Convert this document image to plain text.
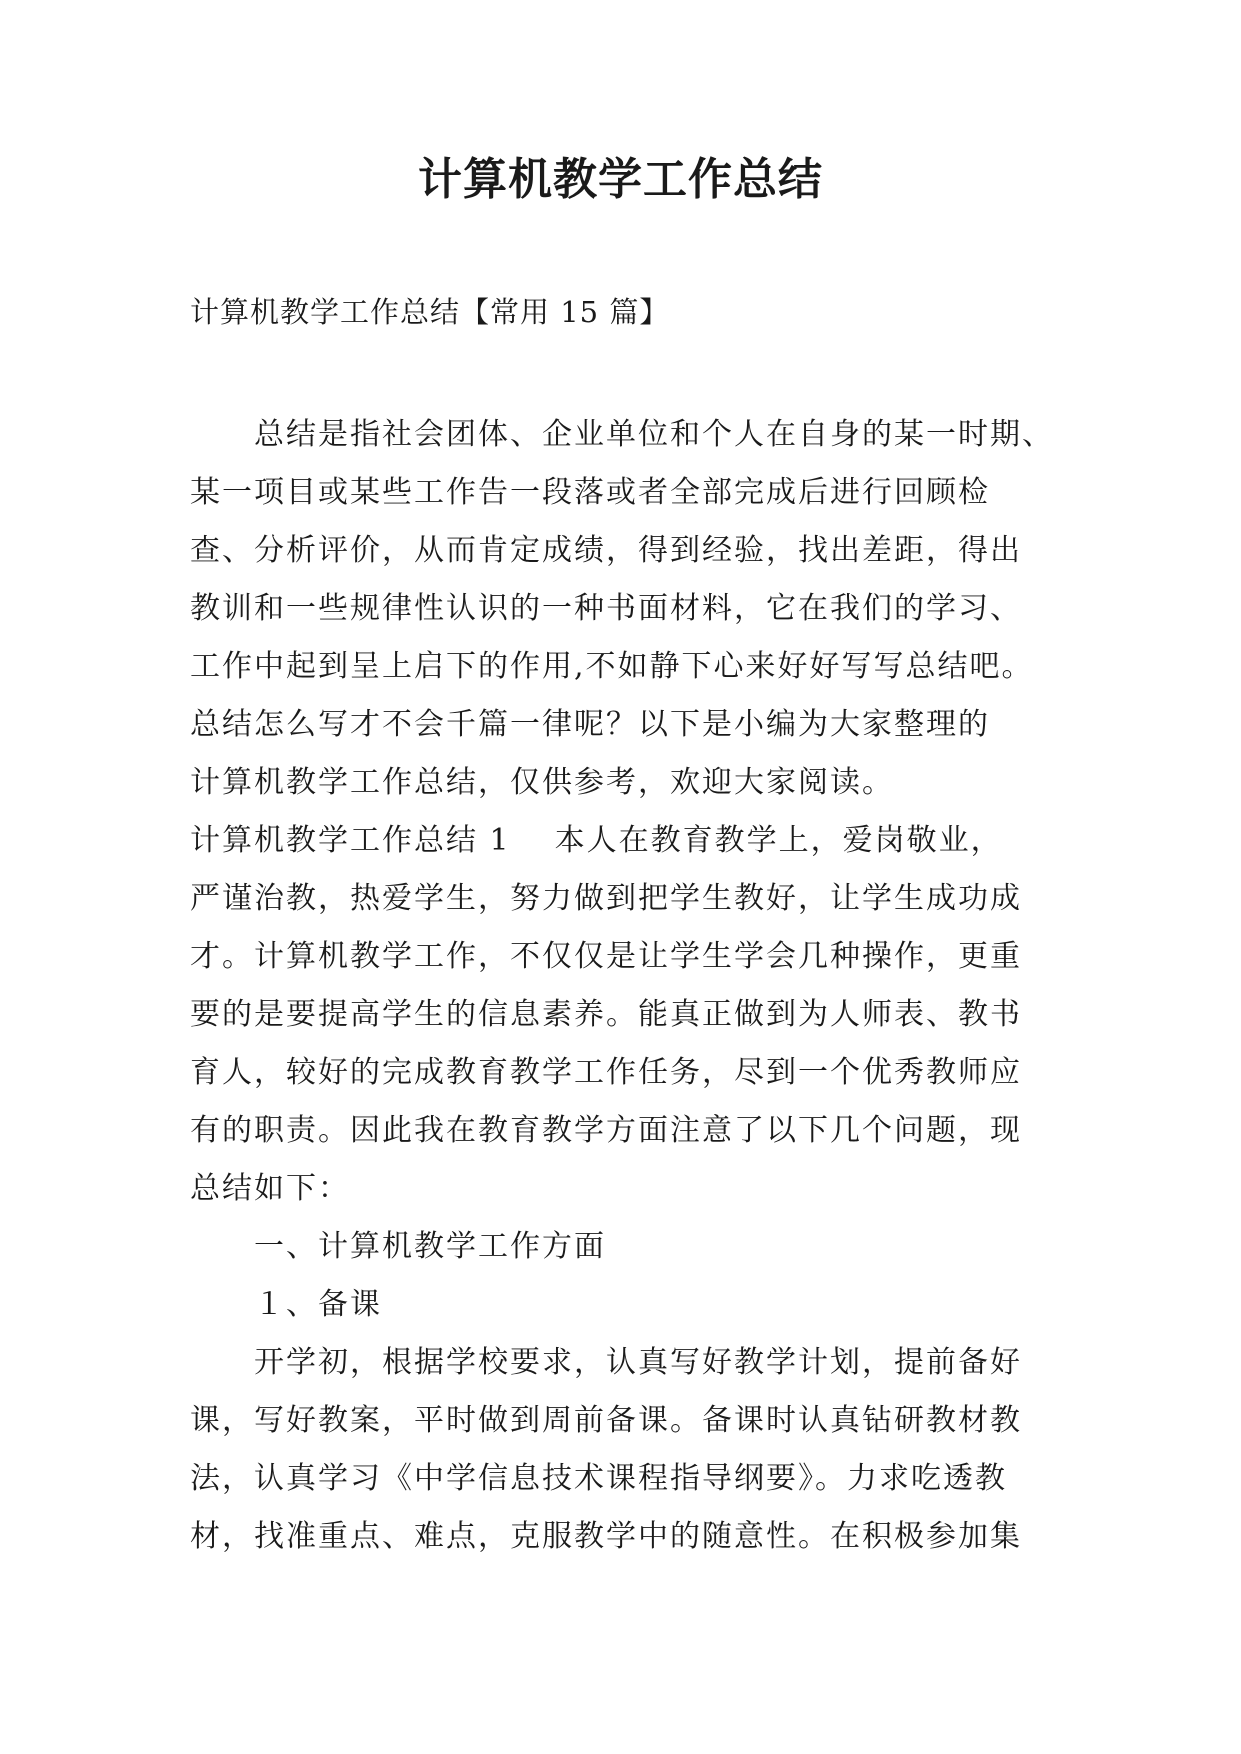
计算机教学工作总结
计算机教学工作总结【常用 15 篇】
总结是指社会团体、企业单位和个人在自身的某一时期、
某一项目或某些工作告一段落或者全部完成后进行回顾检
查、分析评价，从而肯定成绩，得到经验，找出差距，得出
教训和一些规律性认识的一种书面材料，它在我们的学习、
工作中起到呈上启下的作用,不如静下心来好好写写总结吧。
总结怎么写才不会千篇一律呢？以下是小编为大家整理的
计算机教学工作总结，仅供参考，欢迎大家阅读。
计算机教学工作总结 1 本人在教育教学上，爱岗敬业，
严谨治教，热爱学生，努力做到把学生教好，让学生成功成
才。计算机教学工作，不仅仅是让学生学会几种操作，更重
要的是要提高学生的信息素养。能真正做到为人师表、教书
育人，较好的完成教育教学工作任务，尽到一个优秀教师应
有的职责。因此我在教育教学方面注意了以下几个问题，现
总结如下：
一、计算机教学工作方面
１、备课
开学初，根据学校要求，认真写好教学计划，提前备好
课，写好教案，平时做到周前备课。备课时认真钻研教材教
法，认真学习《中学信息技术课程指导纲要》。力求吃透教
材，找准重点、难点，克服教学中的随意性。在积极参加集
